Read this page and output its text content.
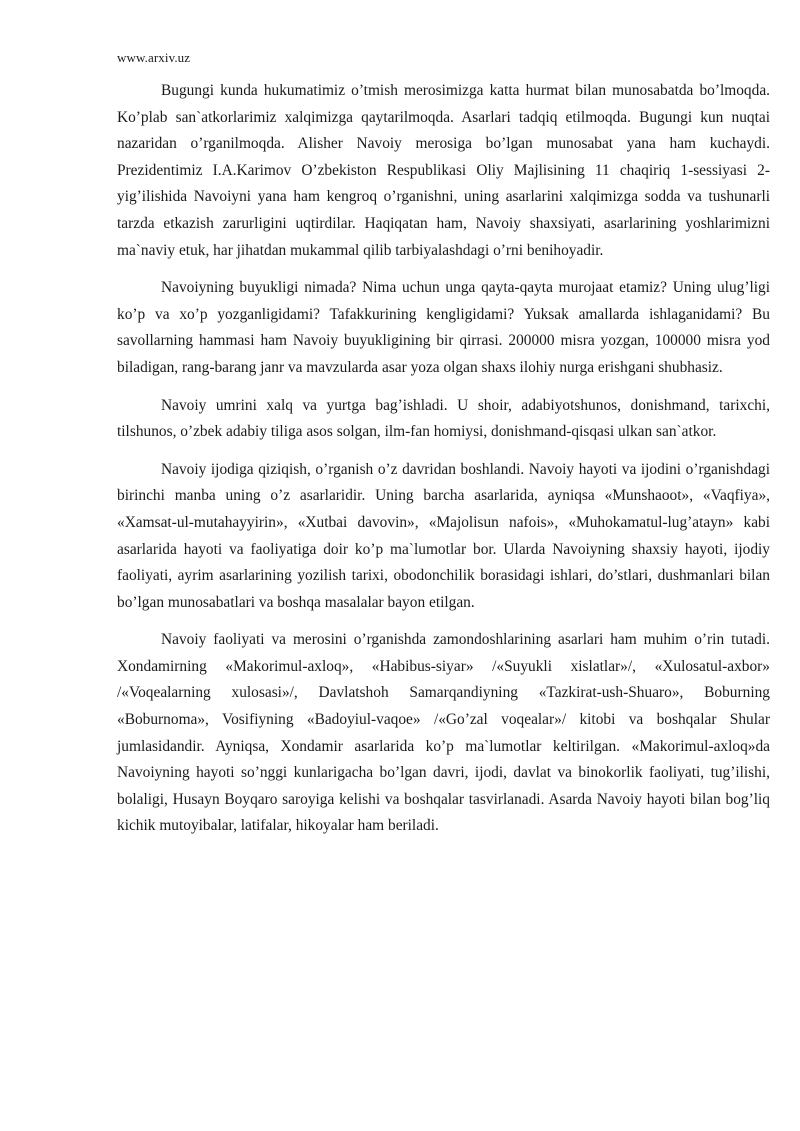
www.arxiv.uz

Bugungi kunda hukumatimiz o’tmish merosimizga katta hurmat bilan munosabatda bo’lmoqda. Ko’plab san`atkorlarimiz xalqimizga qaytarilmoqda. Asarlari tadqiq etilmoqda. Bugungi kun nuqtai nazaridan o’rganilmoqda. Alisher Navoiy merosiga bo’lgan munosabat yana ham kuchaydi. Prezidentimiz I.A.Karimov O’zbekiston Respublikasi Oliy Majlisining 11 chaqiriq 1-sessiyasi 2-yig’ilishida Navoiyni yana ham kengroq o’rganishni, uning asarlarini xalqimizga sodda va tushunarli tarzda etkazish zarurligini uqtirdilar. Haqiqatan ham, Navoiy shaxsiyati, asarlarining yoshlarimizni ma`naviy etuk, har jihatdan mukammal qilib tarbiyalashdagi o’rni benihoyadir.

Navoiyning buyukligi nimada? Nima uchun unga qayta-qayta murojaat etamiz? Uning ulug’ligi ko’p va xo’p yozganligidami? Tafakkurining kengligidami? Yuksak amallarda ishlaganidami? Bu savollarning hammasi ham Navoiy buyukligining bir qirrasi. 200000 misra yozgan, 100000 misra yod biladigan, rang-barang janr va mavzularda asar yoza olgan shaxs ilohiy nurga erishgani shubhasiz.

Navoiy umrini xalq va yurtga bag’ishladi. U shoir, adabiyotshunos, donishmand, tarixchi, tilshunos, o’zbek adabiy tiliga asos solgan, ilm-fan homiysi, donishmand-qisqasi ulkan san`atkor.

Navoiy ijodiga qiziqish, o’rganish o’z davridan boshlandi. Navoiy hayoti va ijodini o’rganishdagi birinchi manba uning o’z asarlaridir. Uning barcha asarlarida, ayniqsa «Munshaoot», «Vaqfiya», «Xamsat-ul-mutahayyirin», «Xutbai davovin», «Majolisun nafois», «Muhokamatul-lug’atayn» kabi asarlarida hayoti va faoliyatiga doir ko’p ma`lumotlar bor. Ularda Navoiyning shaxsiy hayoti, ijodiy faoliyati, ayrim asarlarining yozilish tarixi, obodonchilik borasidagi ishlari, do’stlari, dushmanlari bilan bo’lgan munosabatlari va boshqa masalalar bayon etilgan.

Navoiy faoliyati va merosini o’rganishda zamondoshlarining asarlari ham muhim o’rin tutadi. Xondamirning «Makorimul-axloq», «Habibus-siyar» /«Suyukli xislatlar»/, «Xulosatul-axbor» /«Voqealarning xulosasi»/, Davlatshoh Samarqandiyning «Tazkirat-ush-Shuaro», Boburning «Boburnoma», Vosifiyning «Badoyiul-vaqoe» /«Go’zal voqealar»/ kitobi va boshqalar Shular jumlasidandir. Ayniqsa, Xondamir asarlarida ko’p ma`lumotlar keltirilgan. «Makorimul-axloq»da Navoiyning hayoti so’nggi kunlarigacha bo’lgan davri, ijodi, davlat va binokorlik faoliyati, tug’ilishi, bolaligi, Husayn Boyqaro saroyiga kelishi va boshqalar tasvirlanadi. Asarda Navoiy hayoti bilan bog’liq kichik mutoyibalar, latifalar, hikoyalar ham beriladi.
